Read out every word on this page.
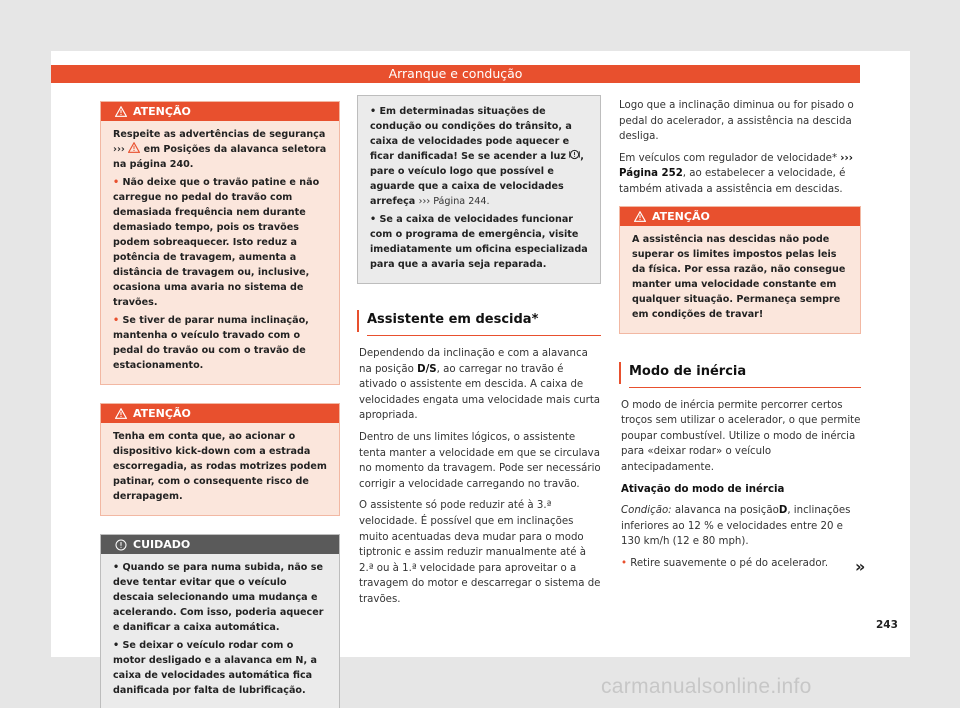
Arranque e condução
ATENÇÃO

Respeite as advertências de segurança ››› em Posições da alavanca seletora na página 240.

• Não deixe que o travão patine e não carregue no pedal do travão com demasiada frequência nem durante demasiado tempo, pois os travões podem sobreaquecer. Isto reduz a potência de travagem, aumenta a distância de travagem ou, inclusive, ocasiona uma avaria no sistema de travões.

• Se tiver de parar numa inclinação, mantenha o veículo travado com o pedal do travão ou com o travão de estacionamento.

ATENÇÃO

Tenha em conta que, ao acionar o dispositivo kick-down com a estrada escorregadia, as rodas motrizes podem patinar, com o consequente risco de derrapagem.

CUIDADO

• Quando se para numa subida, não se deve tentar evitar que o veículo descaia selecionando uma mudança e acelerando. Com isso, poderia aquecer e danificar a caixa automática.

• Se deixar o veículo rodar com o motor desligado e a alavanca em N, a caixa de velocidades automática fica danificada por falta de lubrificação.

• Em determinadas situações de condução ou condições do trânsito, a caixa de velocidades pode aquecer e ficar danificada! Se se acender a luz , pare o veículo logo que possível e aguarde que a caixa de velocidades arrefeça ››› Página 244.

• Se a caixa de velocidades funcionar com o programa de emergência, visite imediatamente um oficina especializada para que a avaria seja reparada.

Assistente em descida*

Dependendo da inclinação e com a alavanca na posição D/S, ao carregar no travão é ativado o assistente em descida. A caixa de velocidades engata uma velocidade mais curta apropriada.

Dentro de uns limites lógicos, o assistente tenta manter a velocidade em que se circulava no momento da travagem. Pode ser necessário corrigir a velocidade carregando no travão.

O assistente só pode reduzir até à 3.ª velocidade. É possível que em inclinações muito acentuadas deva mudar para o modo tiptronic e assim reduzir manualmente até à 2.ª ou à 1.ª velocidade para aproveitar o a travagem do motor e descarregar o sistema de travões.

Logo que a inclinação diminua ou for pisado o pedal do acelerador, a assistência na descida desliga.

Em veículos com regulador de velocidade* ››› Página 252, ao estabelecer a velocidade, é também ativada a assistência em descidas.

ATENÇÃO

A assistência nas descidas não pode superar os limites impostos pelas leis da física. Por essa razão, não consegue manter uma velocidade constante em qualquer situação. Permaneça sempre em condições de travar!

Modo de inércia

O modo de inércia permite percorrer certos troços sem utilizar o acelerador, o que permite poupar combustível. Utilize o modo de inércia para «deixar rodar» o veículo antecipadamente.

Ativação do modo de inércia

Condição: alavanca na posiçãoD, inclinações inferiores ao 12 % e velocidades entre 20 e 130 km/h (12 e 80 mph).

• Retire suavemente o pé do acelerador.	»
243
carmanualsonline.info
